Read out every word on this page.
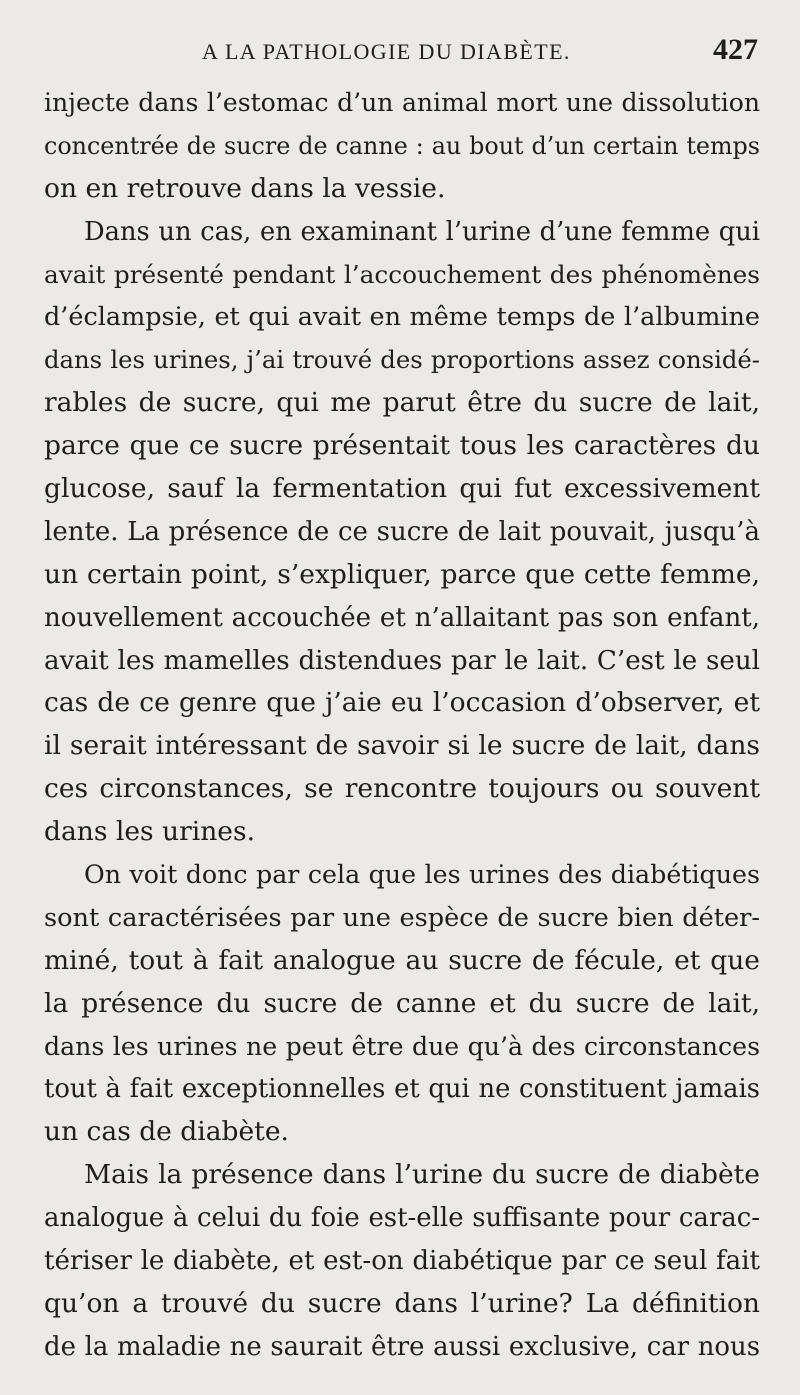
A LA PATHOLOGIE DU DIABÈTE.	427
injecte dans l’estomac d’un animal mort une dissolution
concentrée de sucre de canne : au bout d’un certain temps
on en retrouve dans la vessie.
Dans un cas, en examinant l’urine d’une femme qui
avait présenté pendant l’accouchement des phénomènes
d’éclampsie, et qui avait en même temps de l’albumine
dans les urines, j’ai trouvé des proportions assez considé-
rables de sucre, qui me parut être du sucre de lait,
parce que ce sucre présentait tous les caractères du
glucose, sauf la fermentation qui fut excessivement
lente. La présence de ce sucre de lait pouvait, jusqu’à
un certain point, s’expliquer, parce que cette femme,
nouvellement accouchée et n’allaitant pas son enfant,
avait les mamelles distendues par le lait. C’est le seul
cas de ce genre que j’aie eu l’occasion d’observer, et
il serait intéressant de savoir si le sucre de lait, dans
ces circonstances, se rencontre toujours ou souvent
dans les urines.
On voit donc par cela que les urines des diabétiques
sont caractérisées par une espèce de sucre bien déter-
miné, tout à fait analogue au sucre de fécule, et que
la présence du sucre de canne et du sucre de lait,
dans les urines ne peut être due qu’à des circonstances
tout à fait exceptionnelles et qui ne constituent jamais
un cas de diabète.
Mais la présence dans l’urine du sucre de diabète
analogue à celui du foie est-elle suffisante pour carac-
tériser le diabète, et est-on diabétique par ce seul fait
qu’on a trouvé du sucre dans l’urine? La définition
de la maladie ne saurait être aussi exclusive, car nous
